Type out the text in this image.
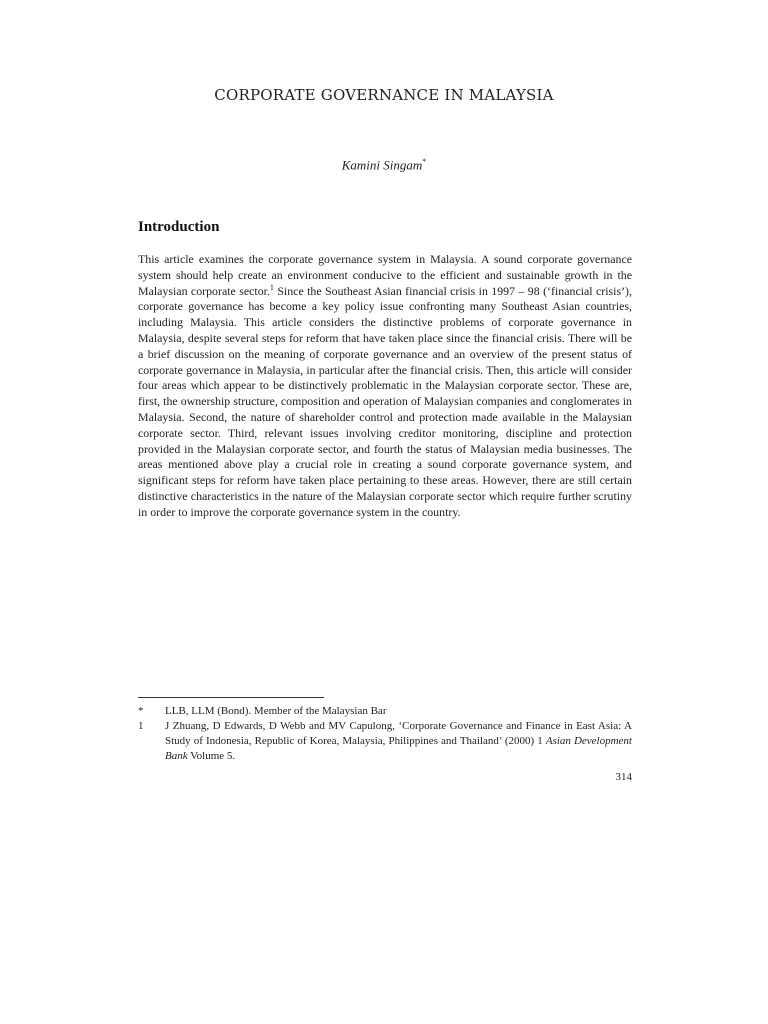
CORPORATE GOVERNANCE IN MALAYSIA
Kamini Singam*
Introduction
This article examines the corporate governance system in Malaysia. A sound corporate governance system should help create an environment conducive to the efficient and sustainable growth in the Malaysian corporate sector.$^1$ Since the Southeast Asian financial crisis in 1997 – 98 (‘financial crisis’), corporate governance has become a key policy issue confronting many Southeast Asian countries, including Malaysia. This article considers the distinctive problems of corporate governance in Malaysia, despite several steps for reform that have taken place since the financial crisis. There will be a brief discussion on the meaning of corporate governance and an overview of the present status of corporate governance in Malaysia, in particular after the financial crisis. Then, this article will consider four areas which appear to be distinctively problematic in the Malaysian corporate sector. These are, first, the ownership structure, composition and operation of Malaysian companies and conglomerates in Malaysia. Second, the nature of shareholder control and protection made available in the Malaysian corporate sector. Third, relevant issues involving creditor monitoring, discipline and protection provided in the Malaysian corporate sector, and fourth the status of Malaysian media businesses. The areas mentioned above play a crucial role in creating a sound corporate governance system, and significant steps for reform have taken place pertaining to these areas. However, there are still certain distinctive characteristics in the nature of the Malaysian corporate sector which require further scrutiny in order to improve the corporate governance system in the country.
*	LLB, LLM (Bond). Member of the Malaysian Bar
1	J Zhuang, D Edwards, D Webb and MV Capulong, ‘Corporate Governance and Finance in East Asia: A Study of Indonesia, Republic of Korea, Malaysia, Philippines and Thailand’ (2000) 1 Asian Development Bank Volume 5.
314
